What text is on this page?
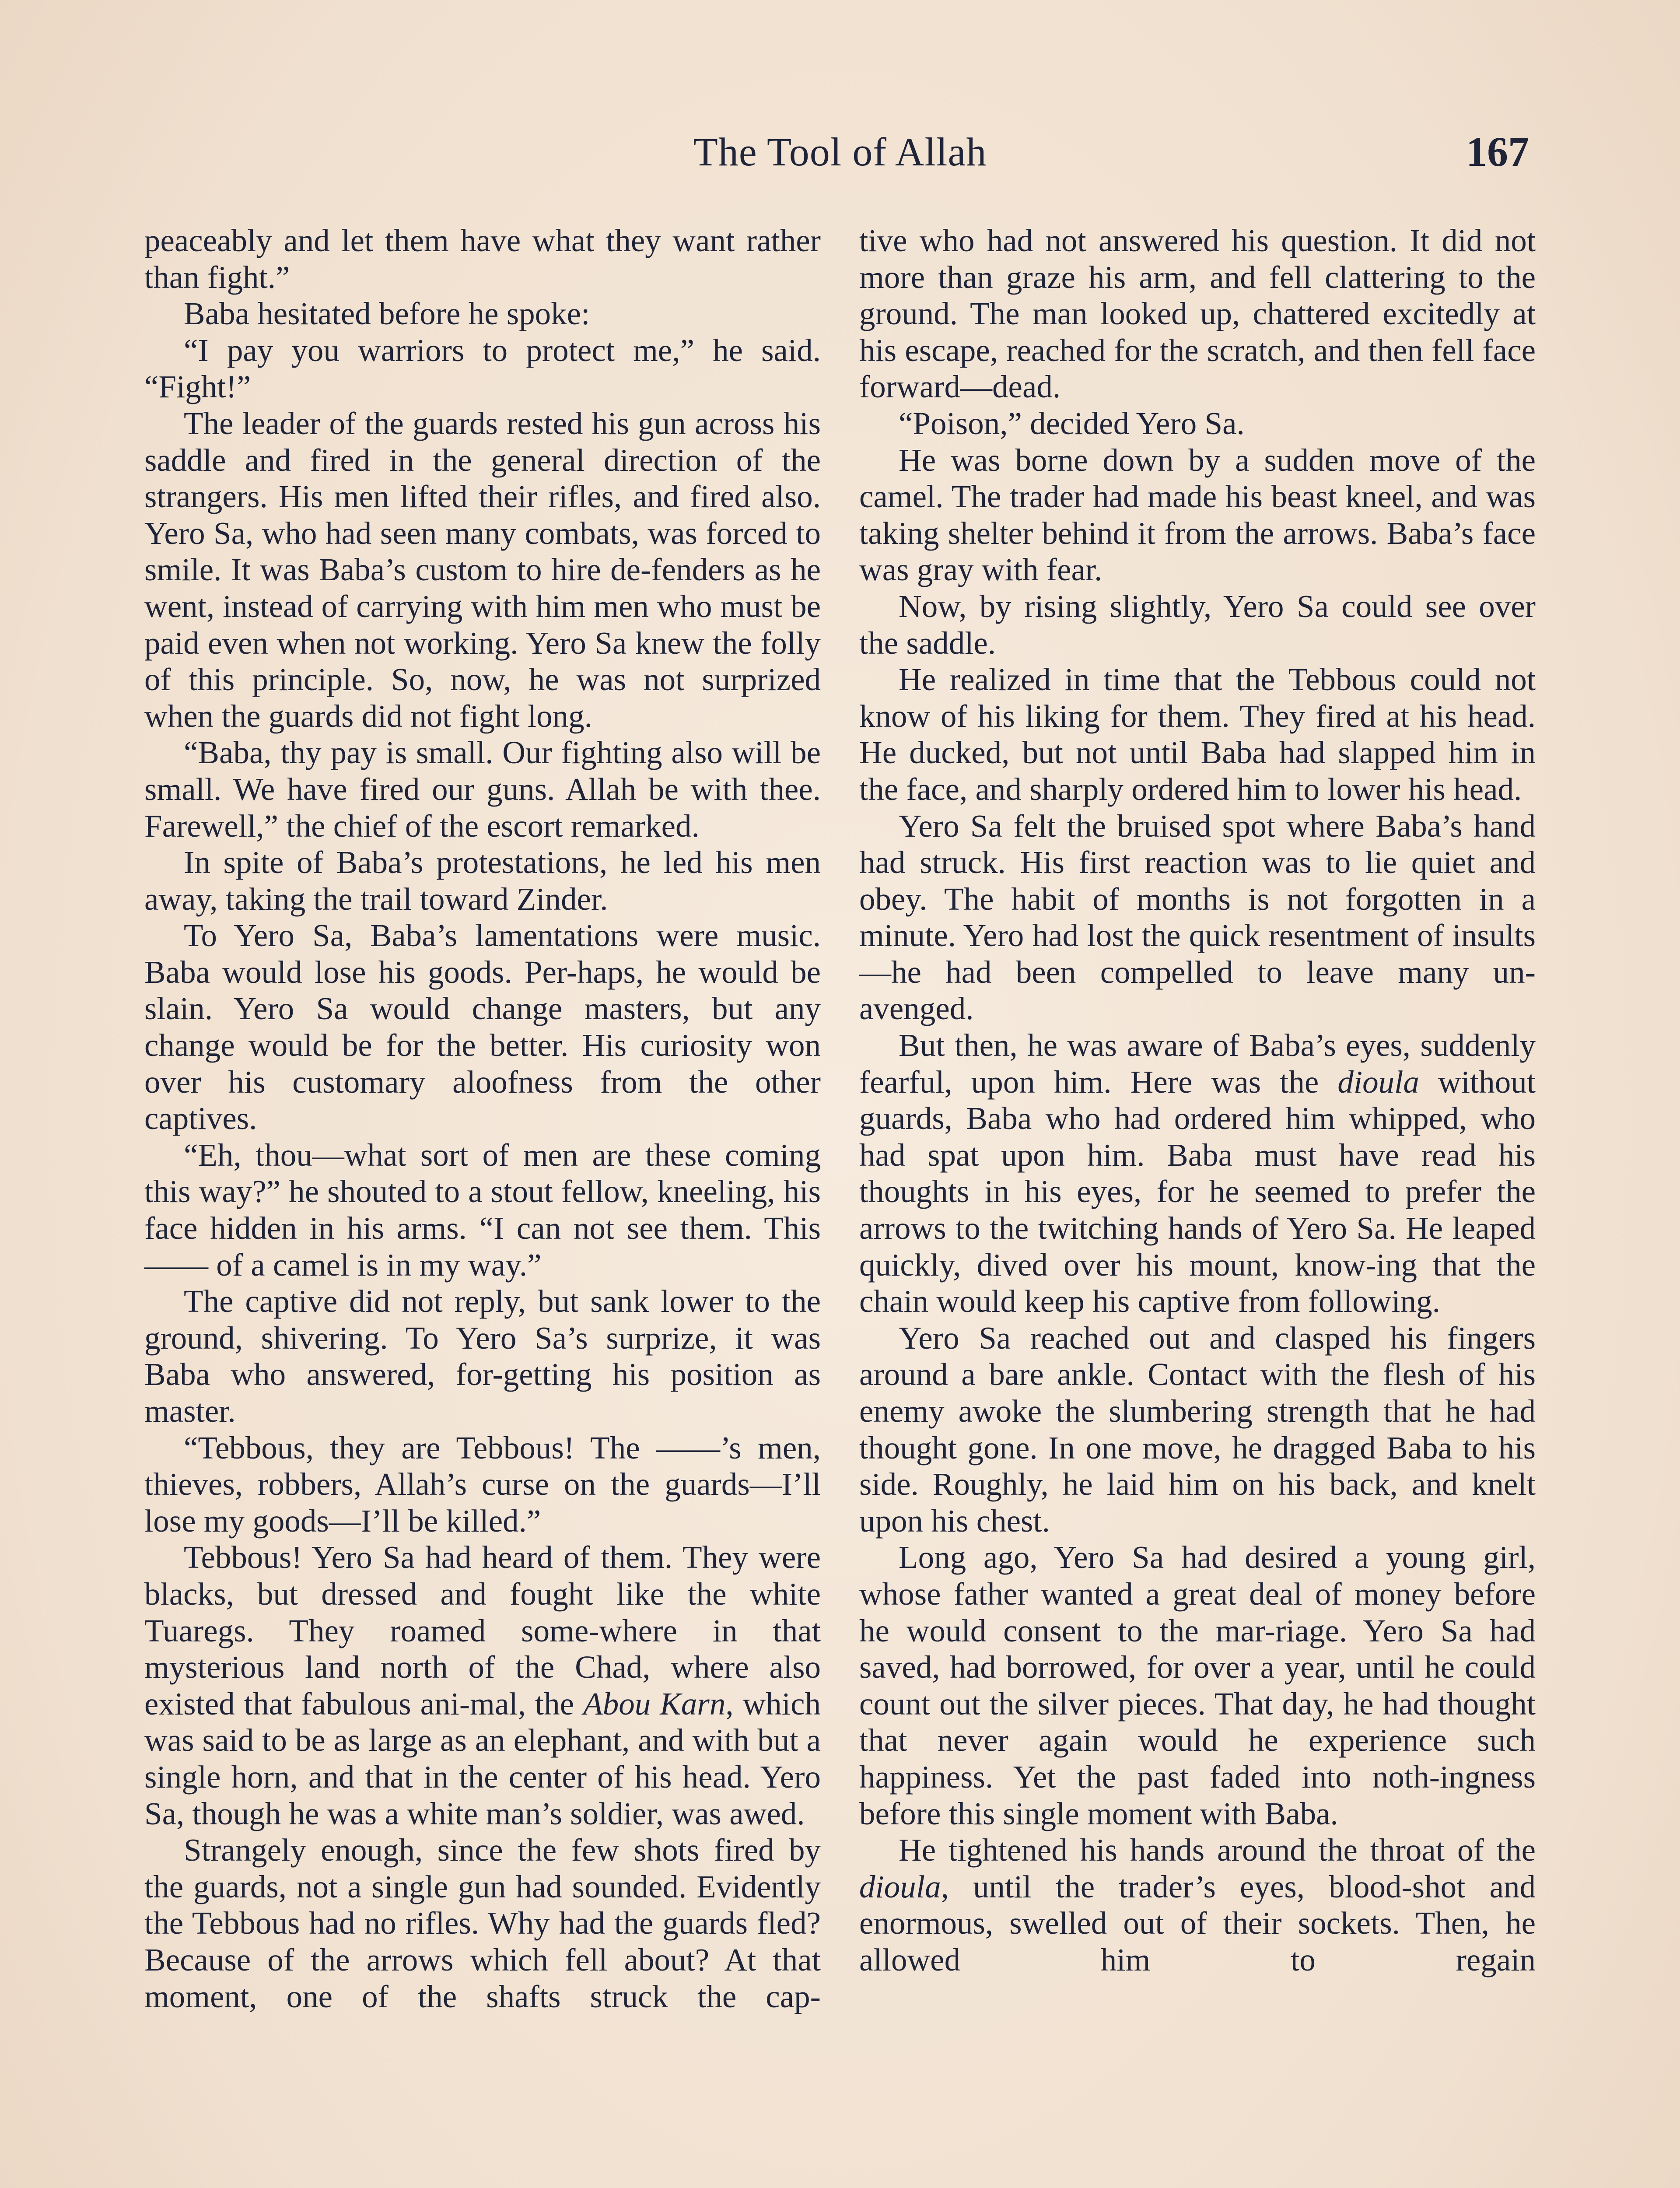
The Tool of Allah	167

peaceably and let them have what they want rather than fight.”

Baba hesitated before he spoke:

“I pay you warriors to protect me,” he said. “Fight!”

The leader of the guards rested his gun across his saddle and fired in the general direction of the strangers. His men lifted their rifles, and fired also. Yero Sa, who had seen many combats, was forced to smile. It was Baba’s custom to hire de-fenders as he went, instead of carrying with him men who must be paid even when not working. Yero Sa knew the folly of this principle. So, now, he was not surprized when the guards did not fight long.

“Baba, thy pay is small. Our fighting also will be small. We have fired our guns. Allah be with thee. Farewell,” the chief of the escort remarked.

In spite of Baba’s protestations, he led his men away, taking the trail toward Zinder.

To Yero Sa, Baba’s lamentations were music. Baba would lose his goods. Per-haps, he would be slain. Yero Sa would change masters, but any change would be for the better. His curiosity won over his customary aloofness from the other captives.

“Eh, thou—what sort of men are these coming this way?” he shouted to a stout fellow, kneeling, his face hidden in his arms. “I can not see them. This —— of a camel is in my way.”

The captive did not reply, but sank lower to the ground, shivering. To Yero Sa’s surprize, it was Baba who answered, for-getting his position as master.

“Tebbous, they are Tebbous! The ——’s men, thieves, robbers, Allah’s curse on the guards—I’ll lose my goods—I’ll be killed.”

Tebbous! Yero Sa had heard of them. They were blacks, but dressed and fought like the white Tuaregs. They roamed some-where in that mysterious land north of the Chad, where also existed that fabulous ani-mal, the Abou Karn, which was said to be as large as an elephant, and with but a single horn, and that in the center of his head. Yero Sa, though he was a white man’s soldier, was awed.

Strangely enough, since the few shots fired by the guards, not a single gun had sounded. Evidently the Tebbous had no rifles. Why had the guards fled? Because of the arrows which fell about? At that moment, one of the shafts struck the cap-

tive who had not answered his question. It did not more than graze his arm, and fell clattering to the ground. The man looked up, chattered excitedly at his escape, reached for the scratch, and then fell face forward—dead.

“Poison,” decided Yero Sa.

He was borne down by a sudden move of the camel. The trader had made his beast kneel, and was taking shelter behind it from the arrows. Baba’s face was gray with fear.

Now, by rising slightly, Yero Sa could see over the saddle.

He realized in time that the Tebbous could not know of his liking for them. They fired at his head. He ducked, but not until Baba had slapped him in the face, and sharply ordered him to lower his head.

Yero Sa felt the bruised spot where Baba’s hand had struck. His first reaction was to lie quiet and obey. The habit of months is not forgotten in a minute. Yero had lost the quick resentment of insults—he had been compelled to leave many un-avenged.

But then, he was aware of Baba’s eyes, suddenly fearful, upon him. Here was the dioula without guards, Baba who had ordered him whipped, who had spat upon him. Baba must have read his thoughts in his eyes, for he seemed to prefer the arrows to the twitching hands of Yero Sa. He leaped quickly, dived over his mount, know-ing that the chain would keep his captive from following.

Yero Sa reached out and clasped his fingers around a bare ankle. Contact with the flesh of his enemy awoke the slumbering strength that he had thought gone. In one move, he dragged Baba to his side. Roughly, he laid him on his back, and knelt upon his chest.

Long ago, Yero Sa had desired a young girl, whose father wanted a great deal of money before he would consent to the mar-riage. Yero Sa had saved, had borrowed, for over a year, until he could count out the silver pieces. That day, he had thought that never again would he experience such happiness. Yet the past faded into noth-ingness before this single moment with Baba.

He tightened his hands around the throat of the dioula, until the trader’s eyes, blood-shot and enormous, swelled out of their sockets. Then, he allowed him to regain
